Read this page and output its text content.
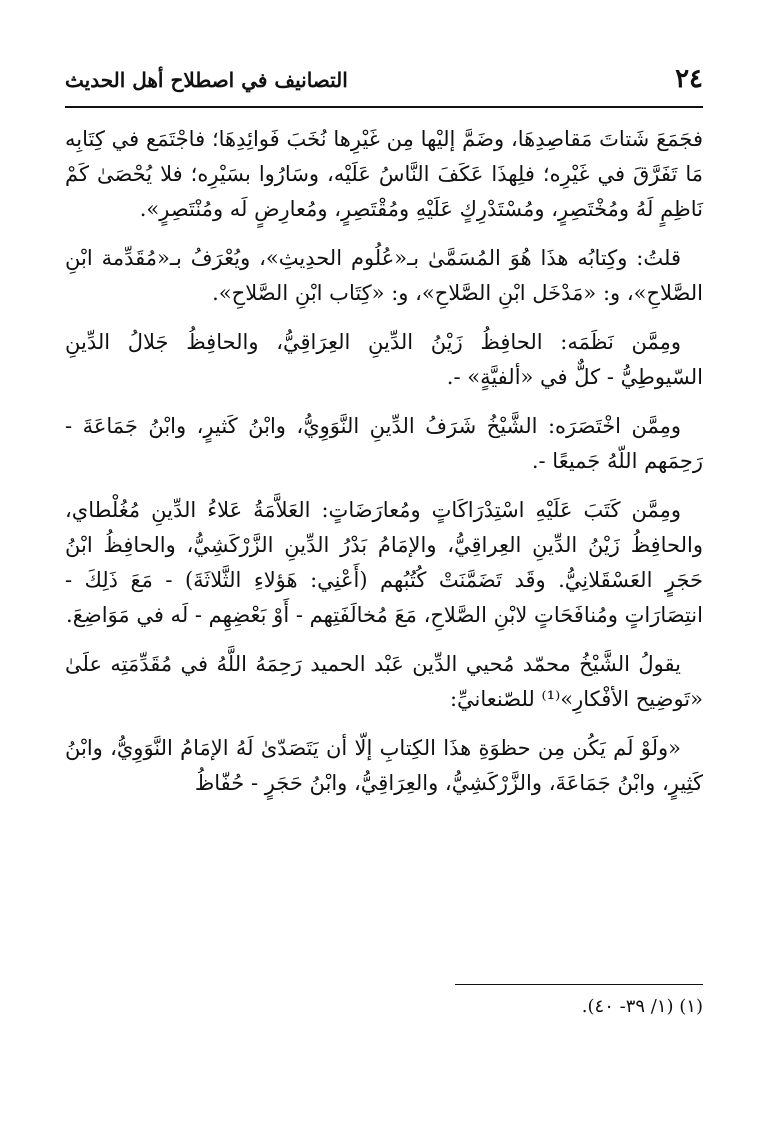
٢٤
التصانيف في اصطلاح أهل الحديث

فجَمَعَ شَتاتَ مَقاصِدِهَا، وضَمَّ إليْها مِن غَيْرِها نُخَبَ فَوائِدِهَا؛ فاجْتَمَع في كِتَابِه مَا تَفَرَّقَ في غَيْرِه؛ فلِهذَا عَكَفَ النَّاسُ عَلَيْه، وسَارُوا بسَيْرِه؛ فلا يُحْصَىٰ كَمْ نَاظِمٍ لَهُ ومُخْتَصِرٍ، ومُسْتَدْرِكٍ عَلَيْهِ ومُقْتَصِرٍ، ومُعارِضٍ لَه ومُنْتَصِرٍ».

قلتُ: وكِتابُه هذَا هُوَ المُسَمَّىٰ بـ«عُلُوم الحدِيثِ»، ويُعْرَفُ بـ«مُقَدِّمة ابْنِ الصَّلاحِ»، و: «مَدْخَل ابْنِ الصَّلاحِ»، و: «كِتَاب ابْنِ الصَّلاحِ».

ومِمَّن نَظَمَه: الحافِظُ زَيْنُ الدِّينِ العِرَاقِيُّ، والحافِظُ جَلالُ الدِّينِ السّيوطِيُّ - كلٌّ في «ألفيَّةٍ» -.

ومِمَّن اخْتَصَرَه: الشَّيْخُ شَرَفُ الدِّينِ النَّوَوِيُّ، وابْنُ كَثيرٍ، وابْنُ جَمَاعَةَ - رَحِمَهم اللّهُ جَميعًا -.

ومِمَّن كَتَبَ عَلَيْهِ اسْتِدْرَاكَاتٍ ومُعارَضَاتٍ: العَلاَّمَةُ عَلاءُ الدِّينِ مُغُلْطاي، والحافِظُ زَيْنُ الدِّينِ العِراقِيُّ، والإمَامُ بَدْرُ الدِّينِ الزَّرْكَشِيُّ، والحافِظُ ابْنُ حَجَرٍ العَسْقَلانِيُّ. وقَد تَضَمَّنَتْ كُتُبُهم (أَعْنِي: هَؤلاءِ الثَّلاثَةَ) - مَعَ ذَلِكَ - انتِصَارَاتٍ ومُنافَحَاتٍ لابْنِ الصَّلاحِ، مَعَ مُخالَفَتِهم - أَوْ بَعْضِهِم - لَه في مَوَاضِعَ.

يقولُ الشَّيْخُ محمّد مُحيي الدِّين عَبْد الحميد رَحِمَهُ اللَّهُ في مُقَدِّمَتِه علَىٰ «تَوضِيح الأفْكارِ»⁽¹⁾ للصّنعانيِّ:

«ولَوْ لَم يَكُن مِن حظوَةِ هذَا الكِتابِ إلّا أن يَتَصَدّىٰ لَهُ الإمَامُ النَّوَوِيُّ، وابْنُ كَثِيرٍ، وابْنُ جَمَاعَةَ، والزَّرْكَشِيُّ، والعِرَاقِيُّ، وابْنُ حَجَرٍ - حُفّاظُ

(١) (١/ ٣٩- ٤٠).
